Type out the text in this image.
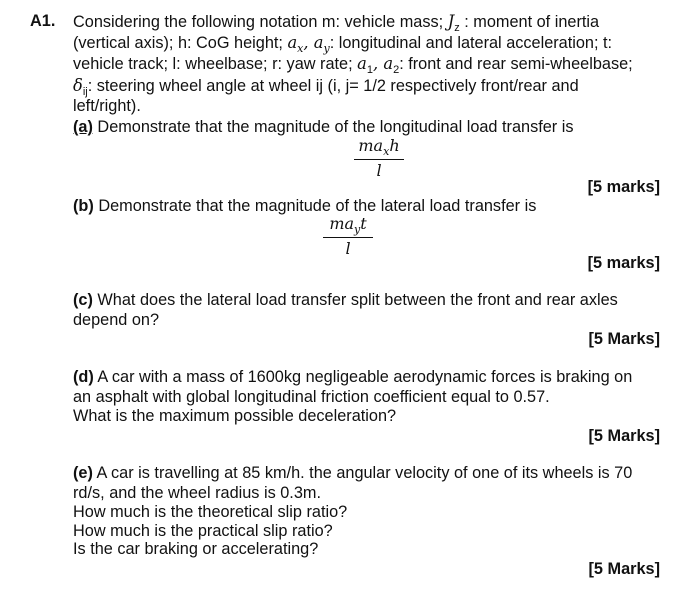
A1. Considering the following notation m: vehicle mass; $J_z$ : moment of inertia
(vertical axis); h: CoG height; $a_x$, $a_y$: longitudinal and lateral acceleration; t:
vehicle track; l: wheelbase; r: yaw rate; $a_1$, $a_2$: front and rear semi-wheelbase;
$\delta_{ij}$: steering wheel angle at wheel ij (i, j= 1/2 respectively front/rear and
left/right).
(a) Demonstrate that the magnitude of the longitudinal load transfer is
$ma_xh$
l
[5 marks]
(b) Demonstrate that the magnitude of the lateral load transfer is
$ma_yt$
l
[5 marks]
(c) What does the lateral load transfer split between the front and rear axles
depend on?
[5 Marks]
(d) A car with a mass of 1600kg negligeable aerodynamic forces is braking on
an asphalt with global longitudinal friction coefficient equal to 0.57.
What is the maximum possible deceleration?
[5 Marks]
(e) A car is travelling at 85 km/h. the angular velocity of one of its wheels is 70
rd/s, and the wheel radius is 0.3m.
How much is the theoretical slip ratio?
How much is the practical slip ratio?
Is the car braking or accelerating?
[5 Marks]
